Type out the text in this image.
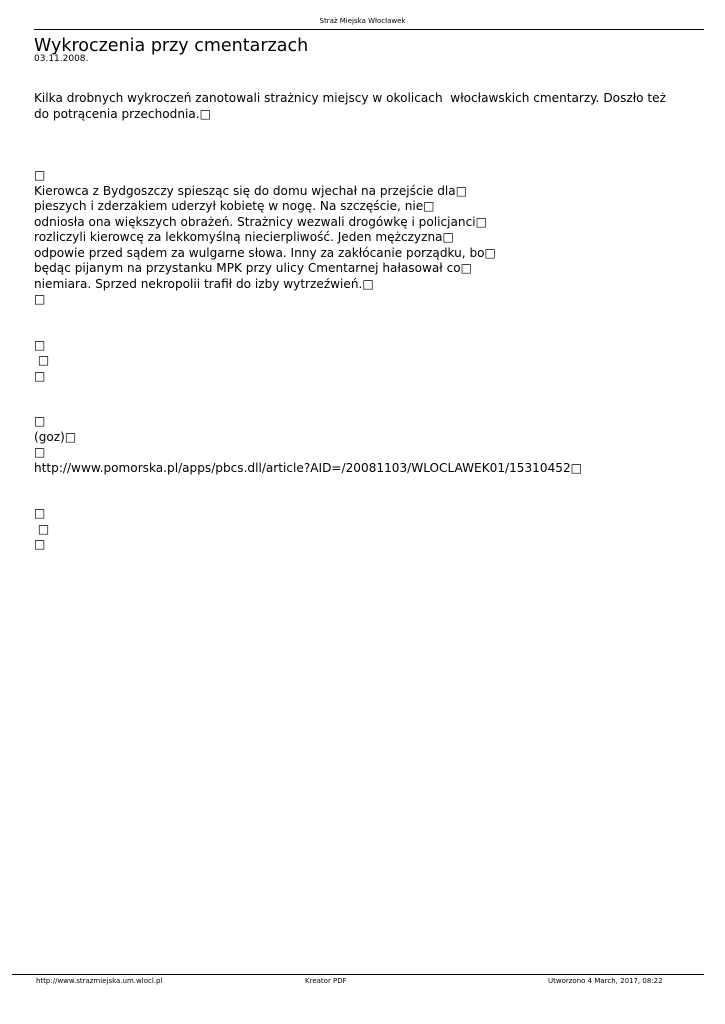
Straż Miejska Włocławek
Wykroczenia przy cmentarzach
03.11.2008.
Kilka drobnych wykroczeń zanotowali strażnicy miejscy w okolicach  włocławskich cmentarzy. Doszło też
do potrącenia przechodnia.□
□
Kierowca z Bydgoszczy spiesząc się do domu wjechał na przejście dla□
pieszych i zderzakiem uderzył kobietę w nogę. Na szczęście, nie□
odniosła ona większych obrażeń. Strażnicy wezwali drogówkę i policjanci□
rozliczyli kierowcę za lekkomyślną niecierpliwość. Jeden mężczyzna□
odpowie przed sądem za wulgarne słowa. Inny za zakłócanie porządku, bo□
będąc pijanym na przystanku MPK przy ulicy Cmentarnej hałasował co□
niemiara. Sprzed nekropolii trafił do izby wytrzeźwień.□
□
□
□
□
□
(goz)□
□
http://www.pomorska.pl/apps/pbcs.dll/article?AID=/20081103/WLOCLAWEK01/15310452□
□
□
□
http://www.strazmiejska.um.wlocl.pl	Kreator PDF	Utworzono 4 March, 2017, 08:22
